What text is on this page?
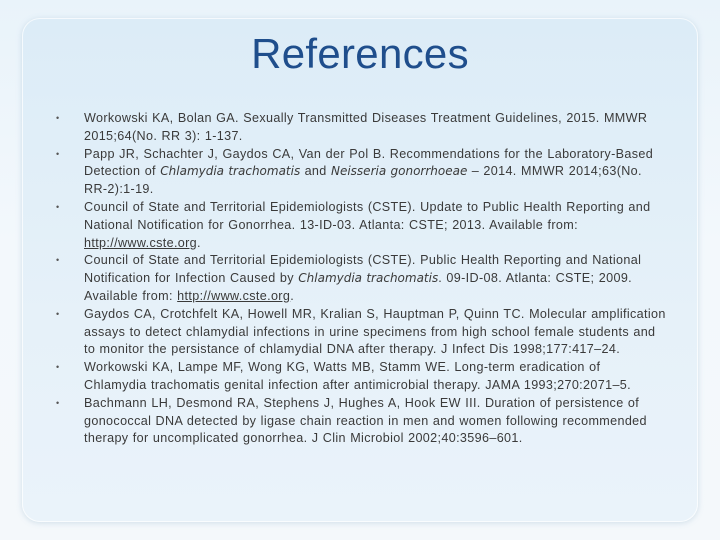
References
•	Workowski KA, Bolan GA. Sexually Transmitted Diseases Treatment Guidelines, 2015. MMWR 2015;64(No. RR 3): 1-137.
•	Papp JR, Schachter J, Gaydos CA, Van der Pol B. Recommendations for the Laboratory-Based Detection of Chlamydia trachomatis and Neisseria gonorrhoeae – 2014. MMWR 2014;63(No. RR-2):1-19.
•	Council of State and Territorial Epidemiologists (CSTE). Update to Public Health Reporting and National Notification for Gonorrhea. 13-ID-03. Atlanta: CSTE; 2013. Available from: http://www.cste.org.
•	Council of State and Territorial Epidemiologists (CSTE). Public Health Reporting and National Notification for Infection Caused by Chlamydia trachomatis. 09-ID-08. Atlanta: CSTE; 2009. Available from: http://www.cste.org.
•	Gaydos CA, Crotchfelt KA, Howell MR, Kralian S, Hauptman P, Quinn TC. Molecular amplification assays to detect chlamydial infections in urine specimens from high school female students and to monitor the persistance of chlamydial DNA after therapy. J Infect Dis 1998;177:417–24.
•	Workowski KA, Lampe MF, Wong KG, Watts MB, Stamm WE. Long-term eradication of Chlamydia trachomatis genital infection after antimicrobial therapy. JAMA 1993;270:2071–5.
•	Bachmann LH, Desmond RA, Stephens J, Hughes A, Hook EW III. Duration of persistence of gonococcal DNA detected by ligase chain reaction in men and women following recommended therapy for uncomplicated gonorrhea. J Clin Microbiol 2002;40:3596–601.
